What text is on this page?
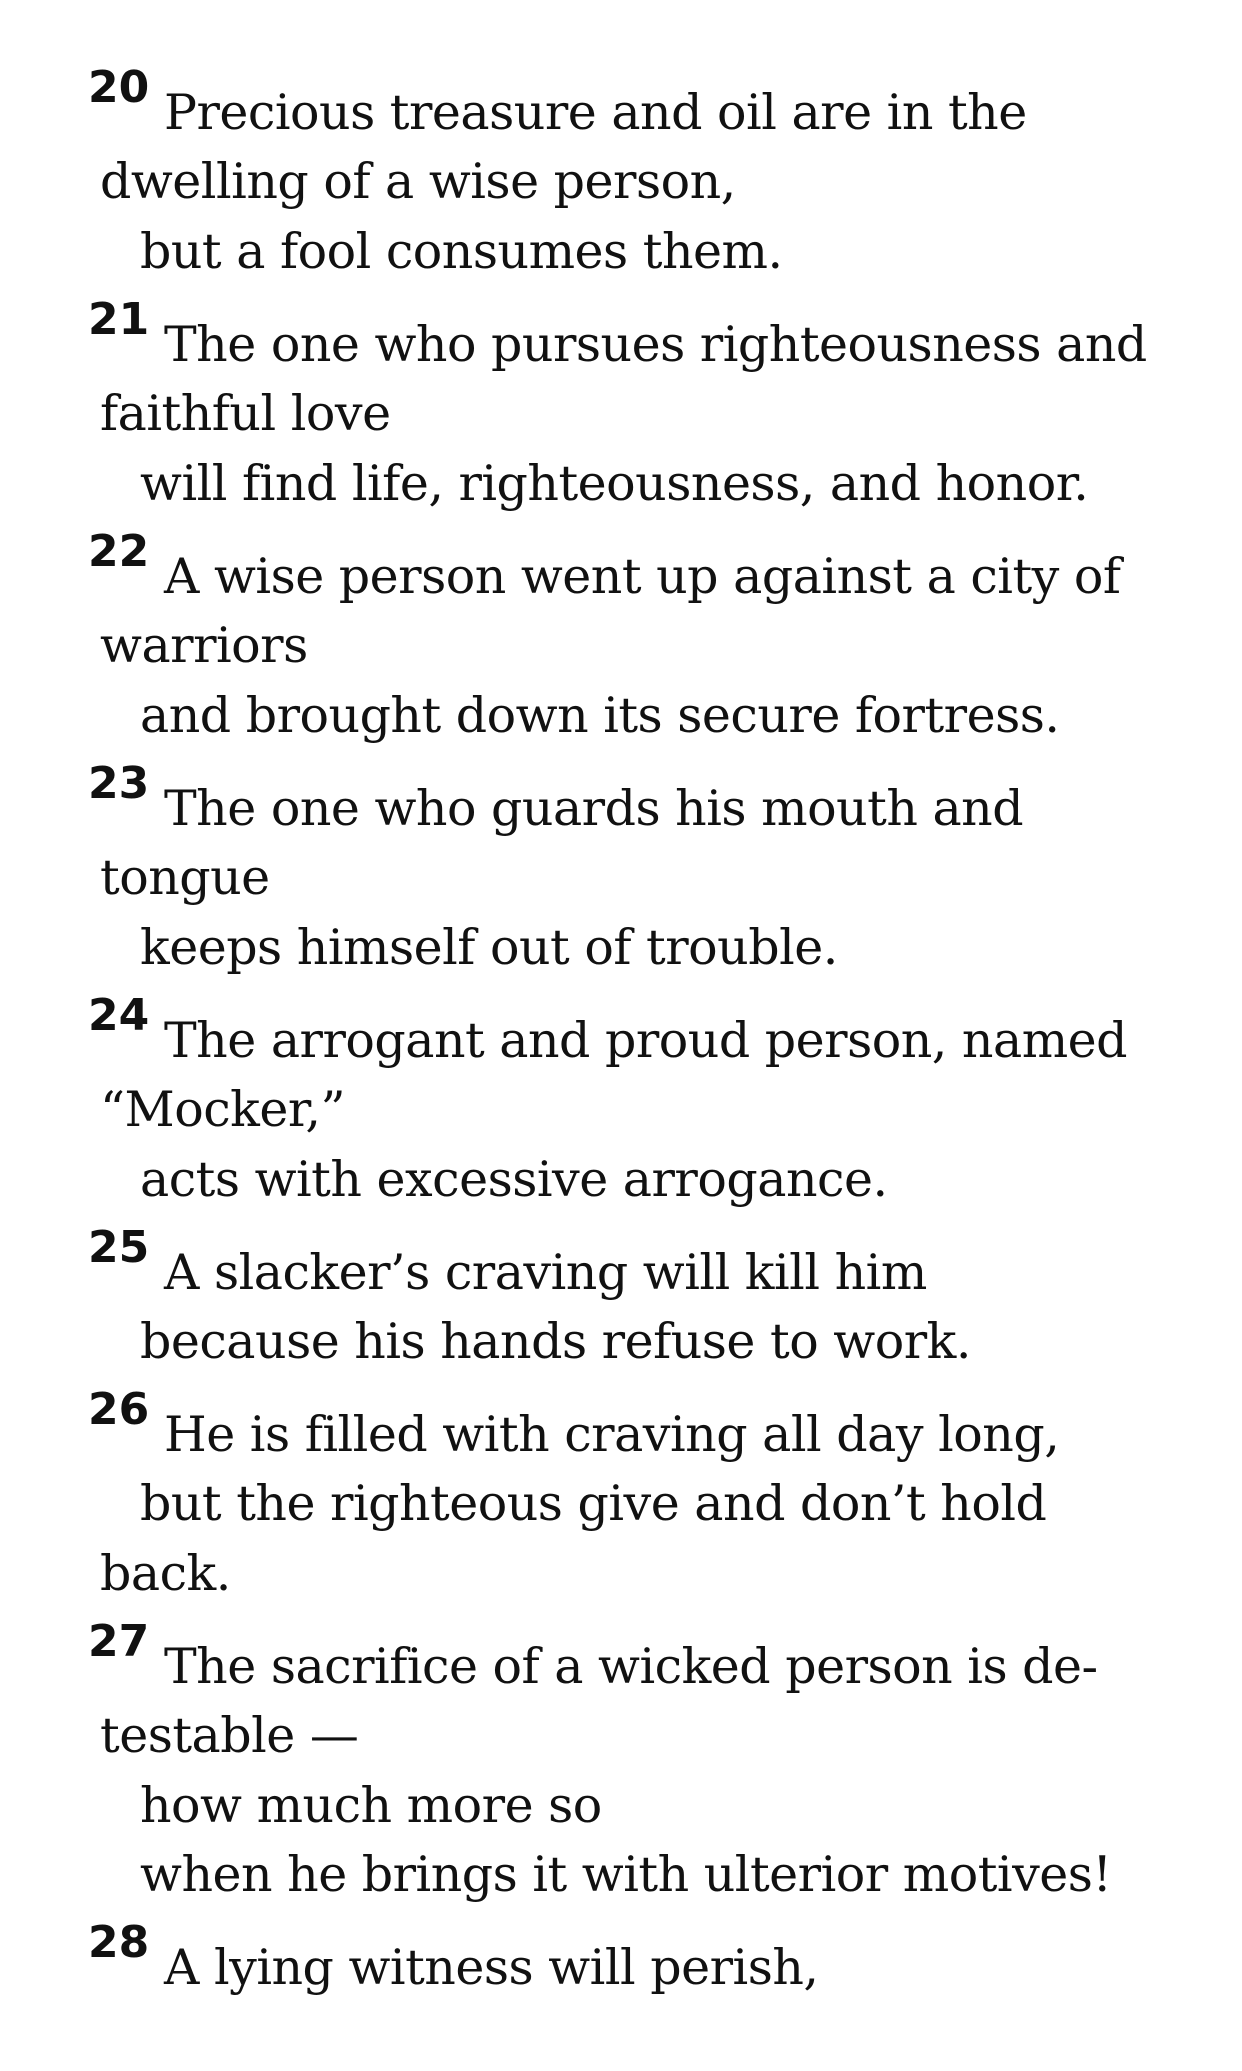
20 Precious treasure and oil are in the
dwelling of a wise person,
but a fool consumes them.
21 The one who pursues righteousness and
faithful love
will find life, righteousness, and honor.
22 A wise person went up against a city of
warriors
and brought down its secure fortress.
23 The one who guards his mouth and
tongue
keeps himself out of trouble.
24 The arrogant and proud person, named
“Mocker,”
acts with excessive arrogance.
25 A slacker’s craving will kill him
because his hands refuse to work.
26 He is filled with craving all day long,
but the righteous give and don’t hold
back.
27 The sacrifice of a wicked person is de-
testable —
how much more so
when he brings it with ulterior motives!
28 A lying witness will perish,
